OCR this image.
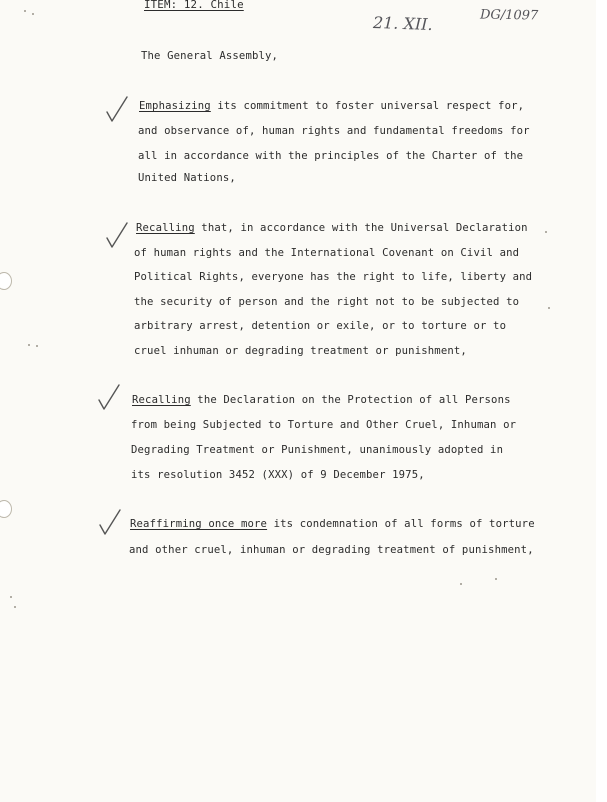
ITEM: 12. Chile
21. XII.	DG/1097
The General Assembly,
Emphasizing its commitment to foster universal respect for,
and observance of, human rights and fundamental freedoms for
all in accordance with the principles of the Charter of the
United Nations,
Recalling that, in accordance with the Universal Declaration
of human rights and the International Covenant on Civil and
Political Rights, everyone has the right to life, liberty and
the security of person and the right not to be subjected to
arbitrary arrest, detention or exile, or to torture or to
cruel inhuman or degrading treatment or punishment,
Recalling the Declaration on the Protection of all Persons
from being Subjected to Torture and Other Cruel, Inhuman or
Degrading Treatment or Punishment, unanimously adopted in
its resolution 3452 (XXX) of 9 December 1975,
Reaffirming once more its condemnation of all forms of torture
and other cruel, inhuman or degrading treatment of punishment,
